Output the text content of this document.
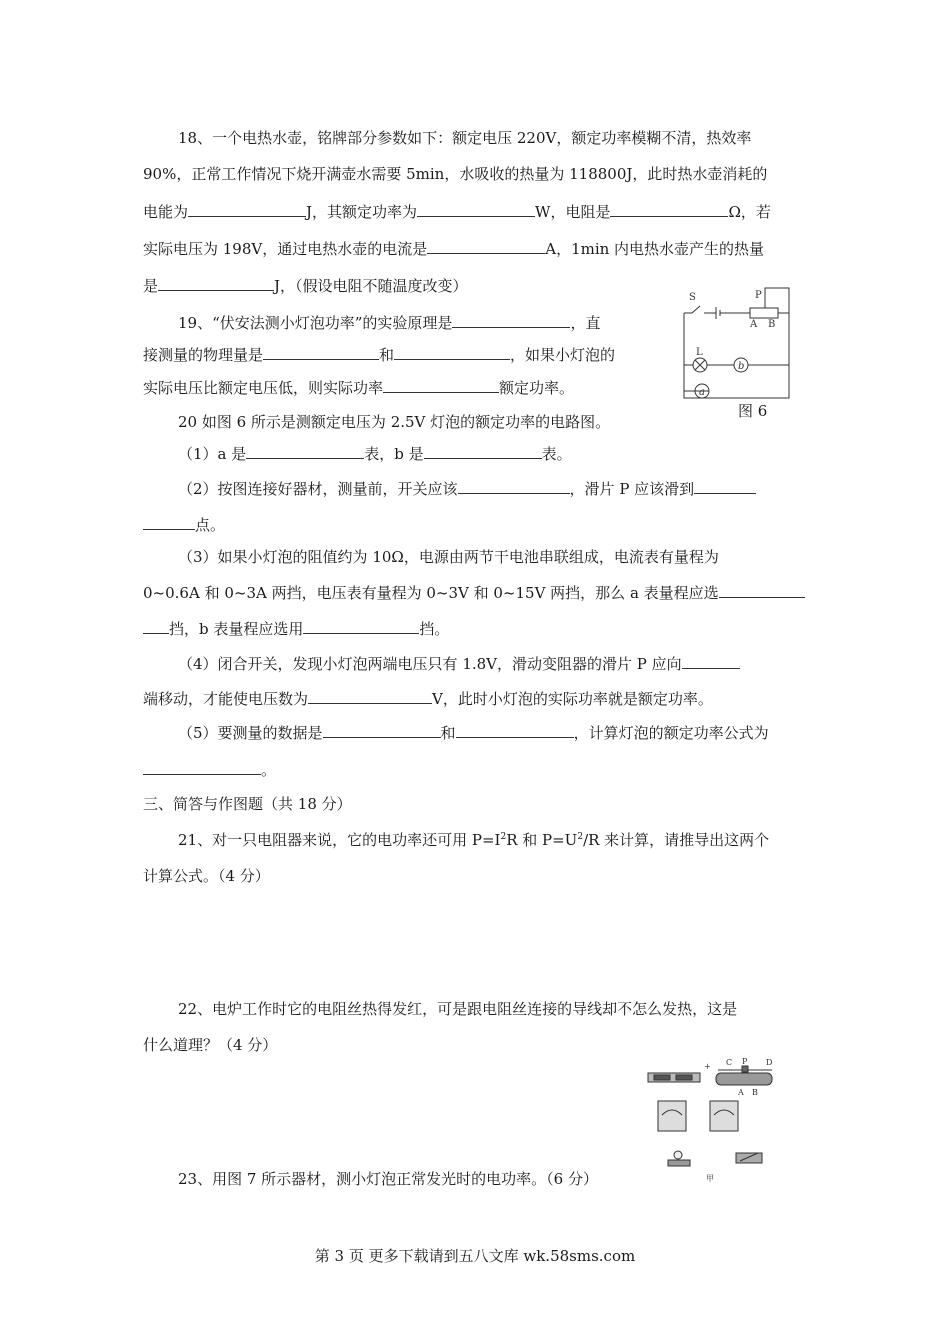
18、一个电热水壶，铭牌部分参数如下：额定电压 220V，额定功率模糊不清，热效率
90%，正常工作情况下烧开满壶水需要 5min，水吸收的热量为 118800J，此时热水壶消耗的
电能为	J，其额定功率为	W，电阻是	Ω，若
实际电压为 198V，通过电热水壶的电流是	A，1min 内电热水壶产生的热量
是	J，（假设电阻不随温度改变）
19、“伏安法测小灯泡功率”的实验原理是	，直
接测量的物理量是	和	，如果小灯泡的
实际电压比额定电压低，则实际功率	额定功率。
S	P
A B
L
b
a
图 6
20 如图 6 所示是测额定电压为 2.5V 灯泡的额定功率的电路图。
（1）a 是	表，b 是	表。
（2）按图连接好器材，测量前，开关应该	，滑片 P 应该滑到
点。
（3）如果小灯泡的阻值约为 10Ω，电源由两节干电池串联组成，电流表有量程为
0~0.6A 和 0~3A 两挡，电压表有量程为 0~3V 和 0~15V 两挡，那么 a 表量程应选
挡，b 表量程应选用	挡。
（4）闭合开关，发现小灯泡两端电压只有 1.8V，滑动变阻器的滑片 P 应向
端移动，才能使电压数为	V，此时小灯泡的实际功率就是额定功率。
（5）要测量的数据是	和	，计算灯泡的额定功率公式为
。
三、简答与作图题（共 18 分）
21、对一只电阻器来说，它的电功率还可用 $P=I^2R$ 和 $P=U^2/R$ 来计算，请推导出这两个
计算公式。（4 分）
22、电炉工作时它的电阻丝热得发红，可是跟电阻丝连接的导线却不怎么发热，这是
什么道理？（4 分）
+ C P D
A B
甲
23、用图 7 所示器材，测小灯泡正常发光时的电功率。（6 分）
第 3 页 更多下载请到五八文库 wk.58sms.com
